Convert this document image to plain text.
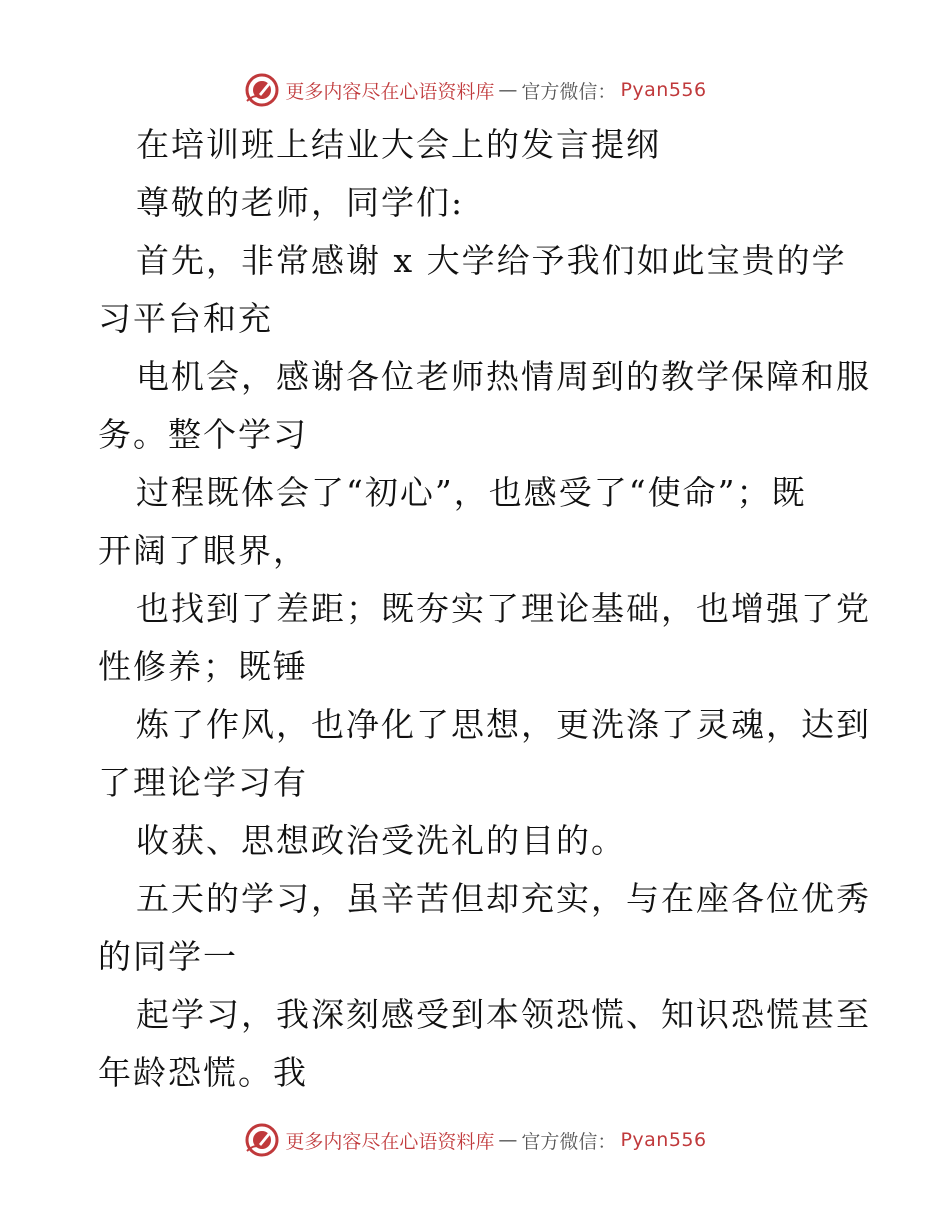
更多内容尽在心语资料库 — 官方微信： Pyan556
在培训班上结业大会上的发言提纲
尊敬的老师，同学们:
首先，非常感谢 x 大学给予我们如此宝贵的学
习平台和充
电机会，感谢各位老师热情周到的教学保障和服
务。整个学习
过程既体会了“初心”，也感受了“使命”；既
开阔了眼界，
也找到了差距；既夯实了理论基础，也增强了党
性修养；既锤
炼了作风，也净化了思想，更洗涤了灵魂，达到
了理论学习有
收获、思想政治受洗礼的目的。
五天的学习，虽辛苦但却充实，与在座各位优秀
的同学一
起学习，我深刻感受到本领恐慌、知识恐慌甚至
年龄恐慌。我
更多内容尽在心语资料库 — 官方微信： Pyan556
